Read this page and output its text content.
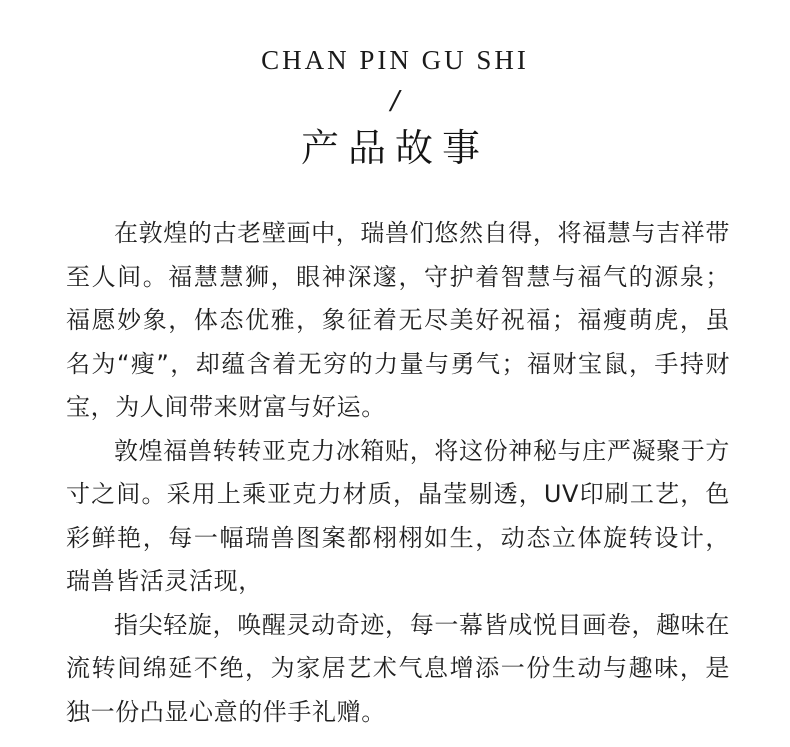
CHAN PIN GU SHI
/
产品故事

在敦煌的古老壁画中，瑞兽们悠然自得，将福慧与吉祥带至人间。福慧慧狮，眼神深邃，守护着智慧与福气的源泉；福愿妙象，体态优雅，象征着无尽美好祝福；福瘦萌虎，虽名为“瘦”，却蕴含着无穷的力量与勇气；福财宝鼠，手持财宝，为人间带来财富与好运。

敦煌福兽转转亚克力冰箱贴，将这份神秘与庄严凝聚于方寸之间。采用上乘亚克力材质，晶莹剔透，UV印刷工艺，色彩鲜艳，每一幅瑞兽图案都栩栩如生，动态立体旋转设计，瑞兽皆活灵活现，

指尖轻旋，唤醒灵动奇迹，每一幕皆成悦目画卷，趣味在流转间绵延不绝，为家居艺术气息增添一份生动与趣味，是独一份凸显心意的伴手礼赠。
